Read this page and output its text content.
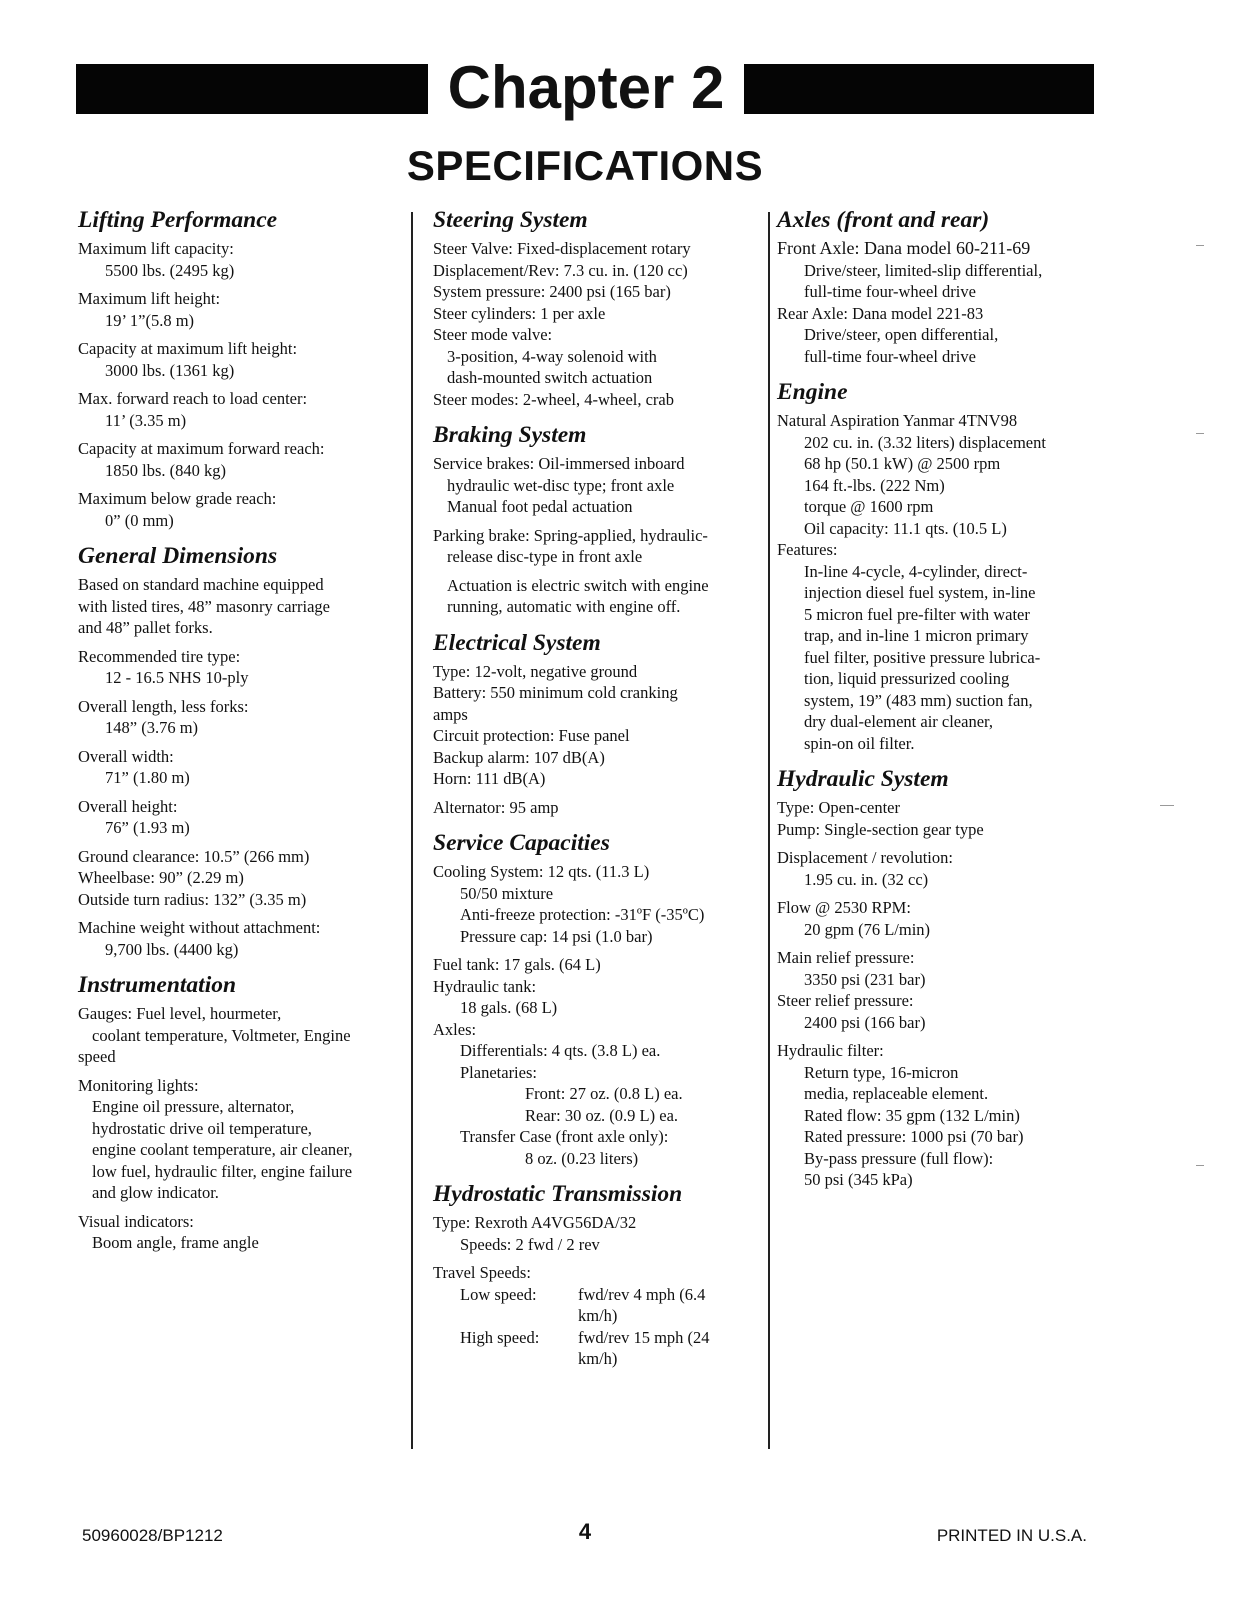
Chapter 2
SPECIFICATIONS
Lifting Performance
Maximum lift capacity:
5500 lbs. (2495 kg)
Maximum lift height:
19’ 1”(5.8 m)
Capacity at maximum lift height:
3000 lbs. (1361 kg)
Max. forward reach to load center:
11’ (3.35 m)
Capacity at maximum forward reach:
1850 lbs. (840 kg)
Maximum below grade reach:
0” (0 mm)
General Dimensions
Based on standard machine equipped
with listed tires, 48” masonry carriage
and 48” pallet forks.
Recommended tire type:
12 - 16.5 NHS 10-ply
Overall length, less forks:
148” (3.76 m)
Overall width:
71” (1.80 m)
Overall height:
76” (1.93 m)
Ground clearance: 10.5” (266 mm)
Wheelbase: 90” (2.29 m)
Outside turn radius: 132” (3.35 m)
Machine weight without attachment:
9,700 lbs. (4400 kg)
Instrumentation
Gauges: Fuel level, hourmeter,
coolant temperature, Voltmeter, Engine
speed
Monitoring lights:
Engine oil pressure, alternator,
hydrostatic drive oil temperature,
engine coolant temperature, air cleaner,
low fuel, hydraulic filter, engine failure
and glow indicator.
Visual indicators:
Boom angle, frame angle
Steering System
Steer Valve: Fixed-displacement rotary
Displacement/Rev: 7.3 cu. in. (120 cc)
System pressure: 2400 psi (165 bar)
Steer cylinders: 1 per axle
Steer mode valve:
3-position, 4-way solenoid with
dash-mounted switch actuation
Steer modes: 2-wheel, 4-wheel, crab
Braking System
Service brakes: Oil-immersed inboard
hydraulic wet-disc type; front axle
Manual foot pedal actuation
Parking brake: Spring-applied, hydraulic-
release disc-type in front axle
Actuation is electric switch with engine
running, automatic with engine off.
Electrical System
Type: 12-volt, negative ground
Battery: 550 minimum cold cranking
amps
Circuit protection: Fuse panel
Backup alarm: 107 dB(A)
Horn: 111 dB(A)
Alternator: 95 amp
Service Capacities
Cooling System: 12 qts. (11.3 L)
50/50 mixture
Anti-freeze protection: -31ºF (-35ºC)
Pressure cap: 14 psi (1.0 bar)
Fuel tank: 17 gals. (64 L)
Hydraulic tank:
18 gals. (68 L)
Axles:
Differentials: 4 qts. (3.8 L) ea.
Planetaries:
Front: 27 oz. (0.8 L) ea.
Rear: 30 oz. (0.9 L) ea.
Transfer Case (front axle only):
8 oz. (0.23 liters)
Hydrostatic Transmission
Type: Rexroth A4VG56DA/32
Speeds: 2 fwd / 2 rev
Travel Speeds:
Low speed:	fwd/rev 4 mph (6.4 km/h)
High speed:	fwd/rev 15 mph (24 km/h)
Axles (front and rear)
Front Axle: Dana model 60-211-69
Drive/steer, limited-slip differential,
full-time four-wheel drive
Rear Axle: Dana model 221-83
Drive/steer, open differential,
full-time four-wheel drive
Engine
Natural Aspiration Yanmar 4TNV98
202 cu. in. (3.32 liters) displacement
68 hp (50.1 kW) @ 2500 rpm
164 ft.-lbs. (222 Nm)
torque @ 1600 rpm
Oil capacity: 11.1 qts. (10.5 L)
Features:
In-line 4-cycle, 4-cylinder, direct-
injection diesel fuel system, in-line
5 micron fuel pre-filter with water
trap, and in-line 1 micron primary
fuel filter, positive pressure lubrica-
tion, liquid pressurized cooling
system, 19” (483 mm) suction fan,
dry dual-element air cleaner,
spin-on oil filter.
Hydraulic System
Type: Open-center
Pump: Single-section gear type
Displacement / revolution:
1.95 cu. in. (32 cc)
Flow @ 2530 RPM:
20 gpm (76 L/min)
Main relief pressure:
3350 psi (231 bar)
Steer relief pressure:
2400 psi (166 bar)
Hydraulic filter:
Return type, 16-micron
media, replaceable element.
Rated flow: 35 gpm (132 L/min)
Rated pressure: 1000 psi (70 bar)
By-pass pressure (full flow):
50 psi (345 kPa)
50960028/BP1212	4	PRINTED IN U.S.A.
